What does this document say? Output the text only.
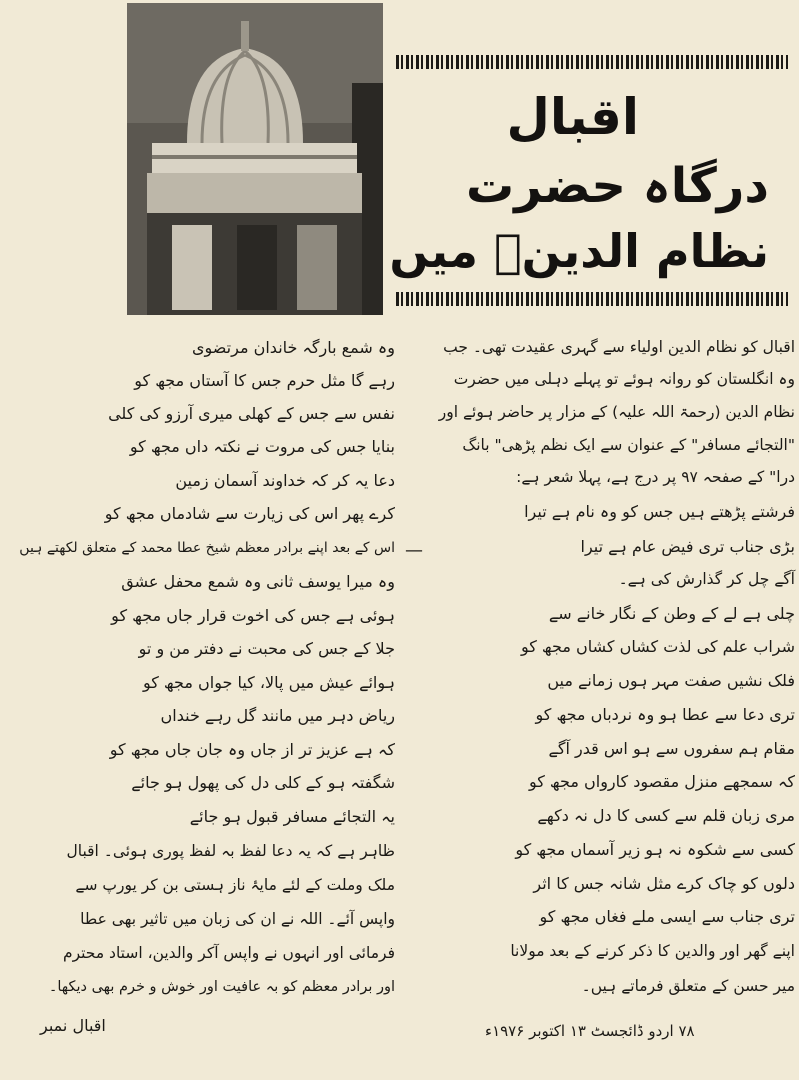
اقبال
درگاہ حضرت
نظام الدینؒ میں
اقبال کو نظام الدین اولیاء سے گہری عقیدت تھی۔ جب
وہ انگلستان کو روانہ ہوئے تو پہلے دہلی میں حضرت
نظام الدین (رحمۃ اللہ علیہ) کے مزار پر حاضر ہوئے اور
"التجائے مسافر" کے عنوان سے ایک نظم پڑھی" بانگ
درا" کے صفحہ ۹۷ پر درج ہے، پہلا شعر ہے:
فرشتے پڑھتے ہیں جس کو وہ نام ہے تیرا
بڑی جناب تری فیض عام ہے تیرا
آگے چل کر گذارش کی ہے۔
چلی ہے لے کے وطن کے نگار خانے سے
شراب علم کی لذت کشاں کشاں مجھ کو
فلک نشیں صفت مہر ہوں زمانے میں
تری دعا سے عطا ہو وہ نردباں مجھ کو
مقام ہم سفروں سے ہو اس قدر آگے
کہ سمجھے منزل مقصود کارواں مجھ کو
مری زبان قلم سے کسی کا دل نہ دکھے
کسی سے شکوہ نہ ہو زیر آسماں مجھ کو
دلوں کو چاک کرے مثل شانہ جس کا اثر
تری جناب سے ایسی ملے فغاں مجھ کو
اپنے گھر اور والدین کا ذکر کرنے کے بعد مولانا
میر حسن کے متعلق فرماتے ہیں۔
—
وہ شمع بارگہ خاندان مرتضوی
رہے گا مثل حرم جس کا آستاں مجھ کو
نفس سے جس کے کھلی میری آرزو کی کلی
بنایا جس کی مروت نے نکتہ داں مجھ کو
دعا یہ کر کہ خداوند آسمان زمین
کرے پھر اس کی زیارت سے شادماں مجھ کو
اس کے بعد اپنے برادر معظم شیخ عطا محمد کے متعلق لکھتے ہیں
وہ میرا یوسف ثانی وہ شمع محفل عشق
ہوئی ہے جس کی اخوت قرار جاں مجھ کو
جلا کے جس کی محبت نے دفتر من و تو
ہوائے عیش میں پالا، کیا جواں مجھ کو
ریاض دہر میں مانند گل رہے خنداں
کہ ہے عزیز تر از جاں وہ جان جاں مجھ کو
شگفتہ ہو کے کلی دل کی پھول ہو جائے
یہ التجائے مسافر قبول ہو جائے
ظاہر ہے کہ یہ دعا لفظ بہ لفظ پوری ہوئی۔ اقبال
ملک وملت کے لئے مایۂ ناز ہستی بن کر یورپ سے
واپس آئے۔ اللہ نے ان کی زبان میں تاثیر بھی عطا
فرمائی اور انہوں نے واپس آکر والدین، استاد محترم
اور برادر معظم کو بہ عافیت اور خوش و خرم بھی دیکھا۔
۷۸ اردو ڈائجسٹ ۱۳ اکتوبر ۱۹۷۶ء
اقبال نمبر
